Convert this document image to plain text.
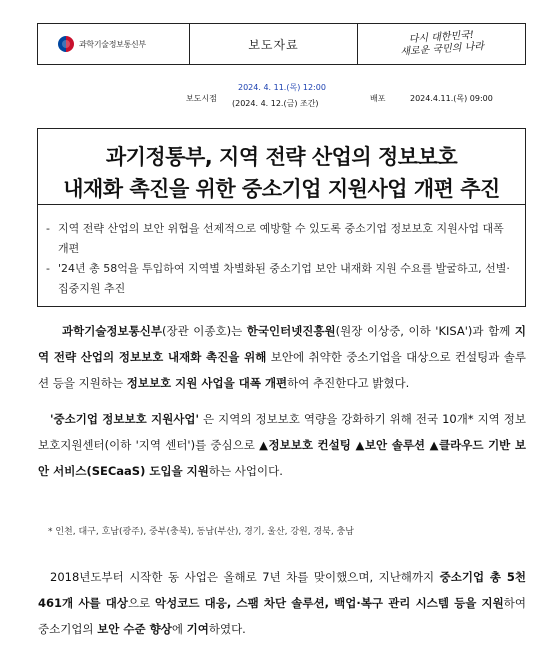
과학기술정보통신부	보도자료	다시 대한민국!
새로운 국민의 나라
보도시점
2024. 4. 11.(목) 12:00
(2024. 4. 12.(금) 조간)
배포	2024.4.11.(목) 09:00
과기정통부, 지역 전략 산업의 정보보호
내재화 촉진을 위한 중소기업 지원사업 개편 추진
- 지역 전략 산업의 보안 위협을 선제적으로 예방할 수 있도록 중소기업 정보보호 지원사업 대폭 개편
- '24년 총 58억을 투입하여 지역별 차별화된 중소기업 보안 내재화 지원 수요를 발굴하고, 선별·집중지원 추진

과학기술정보통신부(장관 이종호)는 한국인터넷진흥원(원장 이상중, 이하 'KISA')과 함께 지역 전략 산업의 정보보호 내재화 촉진을 위해 보안에 취약한 중소기업을 대상으로 컨설팅과 솔루션 등을 지원하는 정보보호 지원 사업을 대폭 개편하여 추진한다고 밝혔다.

'중소기업 정보보호 지원사업' 은 지역의 정보보호 역량을 강화하기 위해 전국 10개* 지역 정보보호지원센터(이하 '지역 센터')를 중심으로 ▲정보보호 컨설팅 ▲보안 솔루션 ▲클라우드 기반 보안 서비스(SECaaS) 도입을 지원하는 사업이다.

* 인천, 대구, 호남(광주), 중부(충북), 동남(부산), 경기, 울산, 강원, 경북, 충남

2018년도부터 시작한 동 사업은 올해로 7년 차를 맞이했으며, 지난해까지 중소기업 총 5천461개 사를 대상으로 악성코드 대응, 스팸 차단 솔루션, 백업·복구 관리 시스템 등을 지원하여 중소기업의 보안 수준 향상에 기여하였다.
